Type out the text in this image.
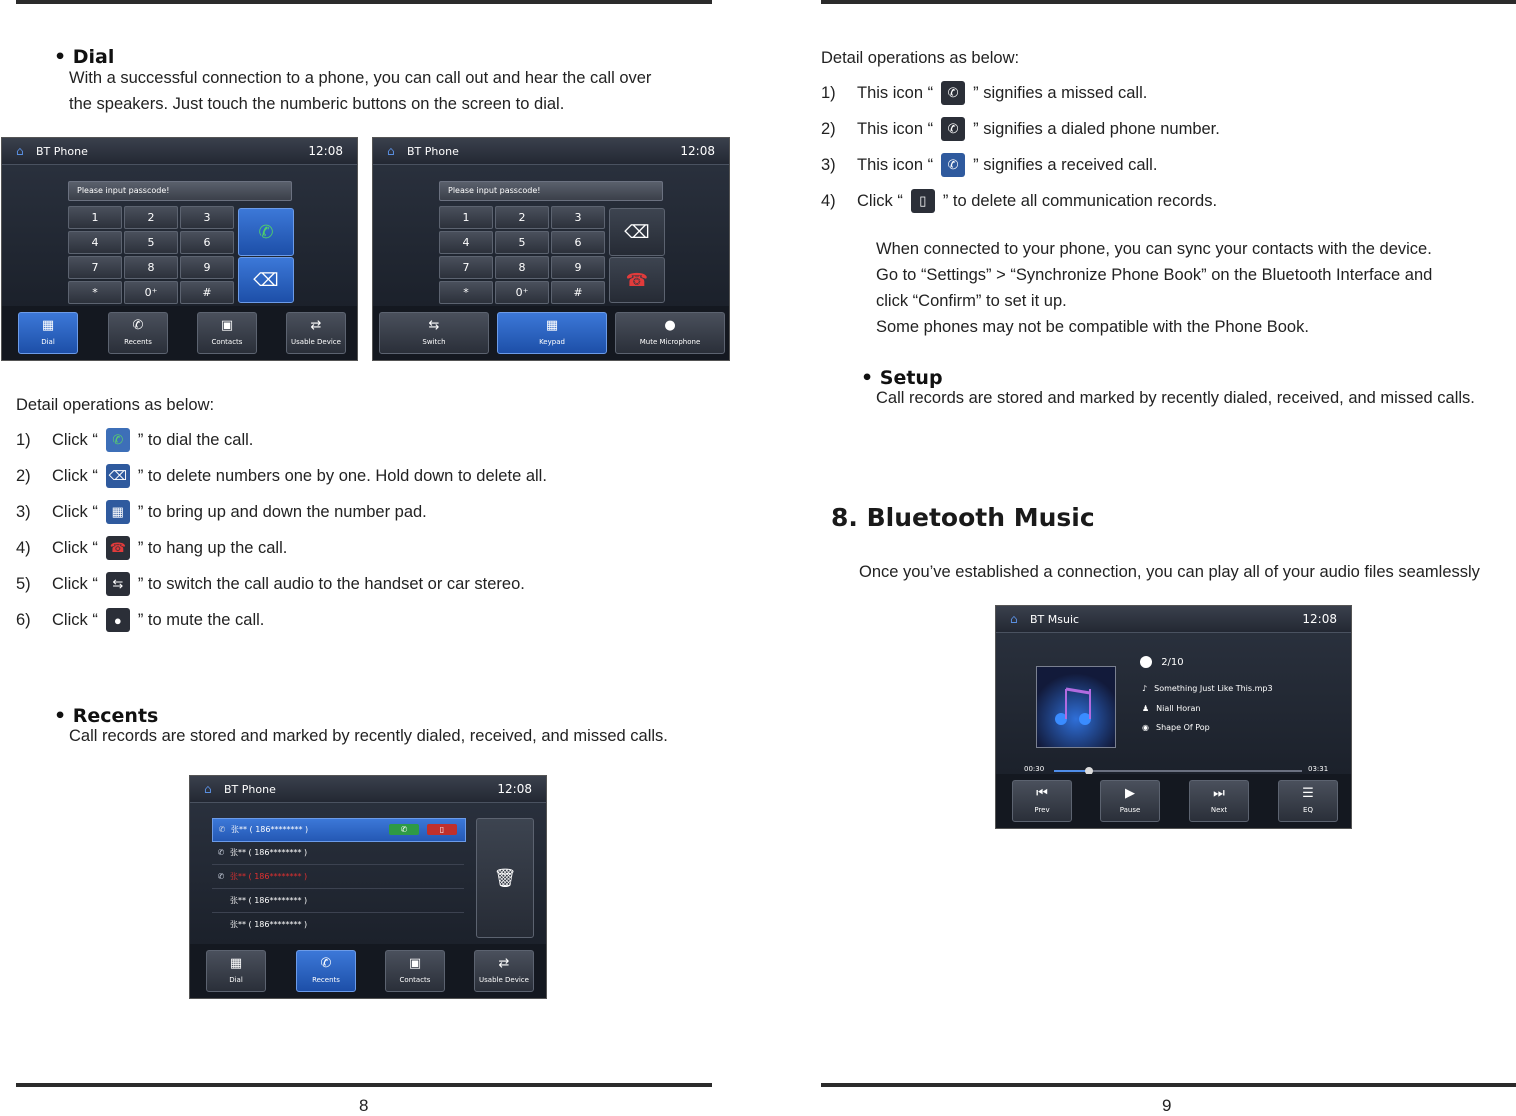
8	9
• Dial
With a successful connection to a phone, you can call out and hear the call over
the speakers. Just touch the numberic buttons on the screen to dial.
⌂	BT Phone	12:08
Please input passcode!
1	2	3
4	5	6
7	8	9
*	0⁺	#
✆
⌫
▦
Dial
✆
Recents
▣
Contacts
⇄
Usable Device
⌂	BT Phone	12:08
Please input passcode!
1	2	3
4	5	6
7	8	9
*	0⁺	#
⌫
☎
⇆
Switch
▦
Keypad
●
Mute Microphone
Detail operations as below:
1)	Click “	✆ ” to dial the call.
2)	Click “ ⌫ ” to delete numbers one by one. Hold down to delete all.
3)	Click “	▦ ” to bring up and down the number pad.
4)	Click “ ☎ ” to hang up the call.
5)	Click “	⇆ ” to switch the call audio to the handset or car stereo.
6)	Click “	● ” to mute the call.
• Recents
Call records are stored and marked by recently dialed, received, and missed calls.
⌂	BT Phone	12:08
✆ 张** ( 186******** )	✆	▯
✆ 张** ( 186******** )
✆ 张** ( 186******** )
张** ( 186******** )
张** ( 186******** )
🗑
▦
Dial
✆
Recents
▣
Contacts
⇄
Usable Device
Detail operations as below:
1)	This icon “	✆ ” signifies a missed call.
2)	This icon “	✆ ” signifies a dialed phone number.
3)	This icon “	✆ ” signifies a received call.
4)	Click “	▯ ” to delete all communication records.
When connected to your phone, you can sync your contacts with the device.
Go to “Settings” > “Synchronize Phone Book” on the Bluetooth Interface and
click “Confirm” to set it up.
Some phones may not be compatible with the Phone Book.
• Setup
Call records are stored and marked by recently dialed, received, and missed calls.
8. Bluetooth Music
Once you’ve established a connection, you can play all of your audio files seamlessly
⌂	BT Msuic	12:08
2/10
♪ Something Just Like This.mp3
♟ Niall Horan
◉ Shape Of Pop
00:30	03:31
⏮
Prev
▶
Pause
⏭
Next
☰
EQ
